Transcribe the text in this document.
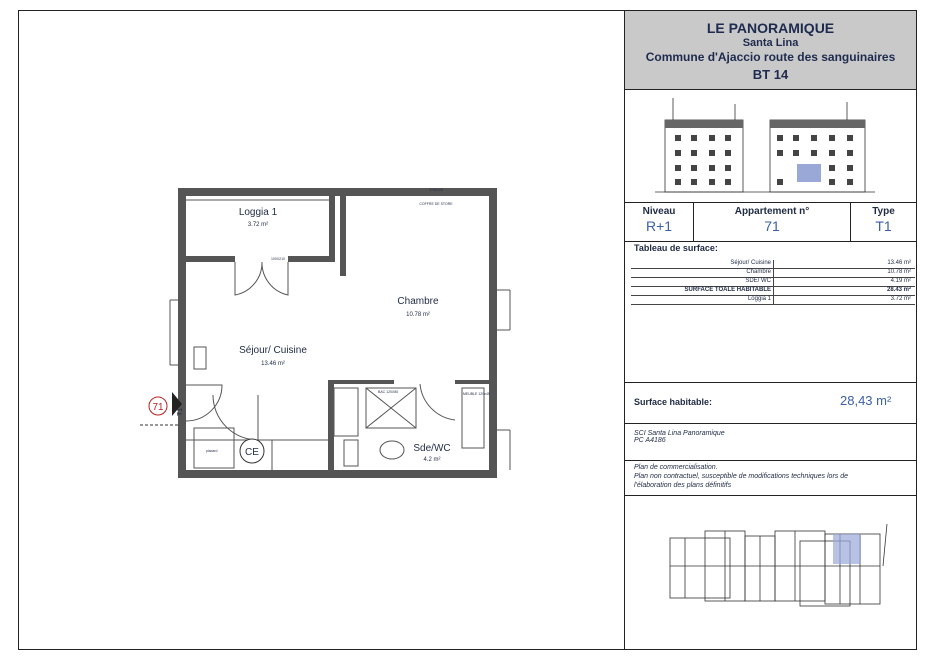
CE
Loggia 1
3.72 m²
Chambre
10.78 m²
Séjour/ Cuisine
13.46 m²
Sde/WC
4.2 m²
COFFRE DE STORE
170X115
100X210
BAC 120X80	MEUBLE 120x45
placard
71 T1
LE PANORAMIQUE
Santa Lina
Commune d'Ajaccio route des sanguinaires
BT 14
Niveau
R+1
Appartement n°
71
Type
T1
Tableau de surface:
Séjour/ Cuisine	13.46 m²
Chambre	10.78 m²
SDE/ WC	4.19 m²
SURFACE TOALE HABITABLE	28.43 m²
Loggia 1	3.72 m²
Surface habitable:	28,43 m²
SCI Santa Lina Panoramique
PC A4186
Plan de commercialisation.
Plan non contractuel, susceptible de modifications techniques lors de
l'élaboration des plans définitifs
